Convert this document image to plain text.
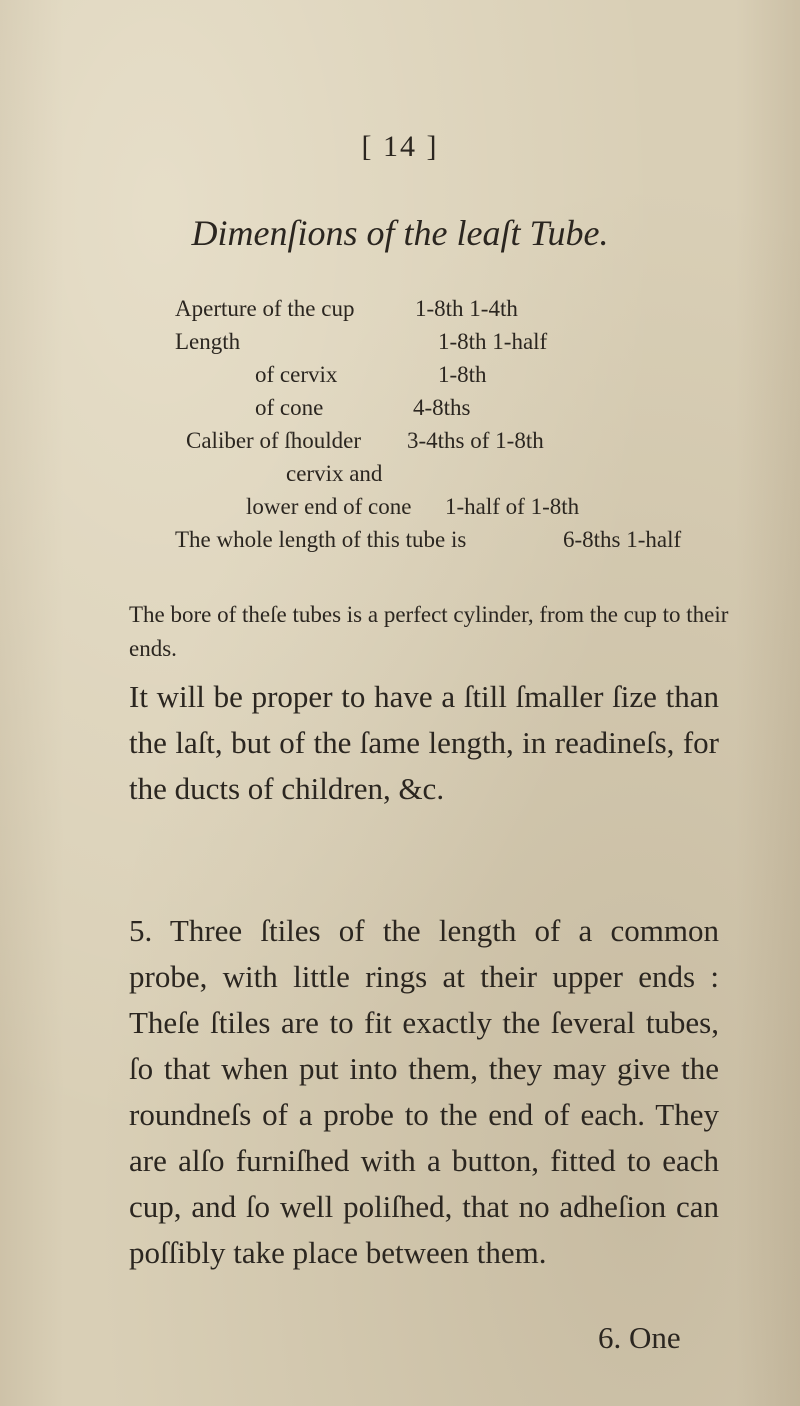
[ 14 ]
Dimenſions of the leaſt Tube.
Aperture of the cup	1-8th 1-4th
Length	1-8th 1-half
of cervix	1-8th
of cone	4-8ths
Caliber of ſhoulder 3-4ths of 1-8th
cervix and
lower end of cone 1-half of 1-8th
The whole length of this tube is	6-8ths 1-half
The bore of theſe tubes is a perfect cylinder, from the cup to their ends.
It will be proper to have a ſtill ſmaller ſize than the laſt, but of the ſame length, in readineſs, for the ducts of children, &c.
5. Three ſtiles of the length of a common probe, with little rings at their upper ends : Theſe ſtiles are to fit exactly the ſeveral tubes, ſo that when put into them, they may give the roundneſs of a probe to the end of each. They are alſo furniſhed with a button, fitted to each cup, and ſo well poliſhed, that no adheſion can poſſibly take place between them.
6. One
